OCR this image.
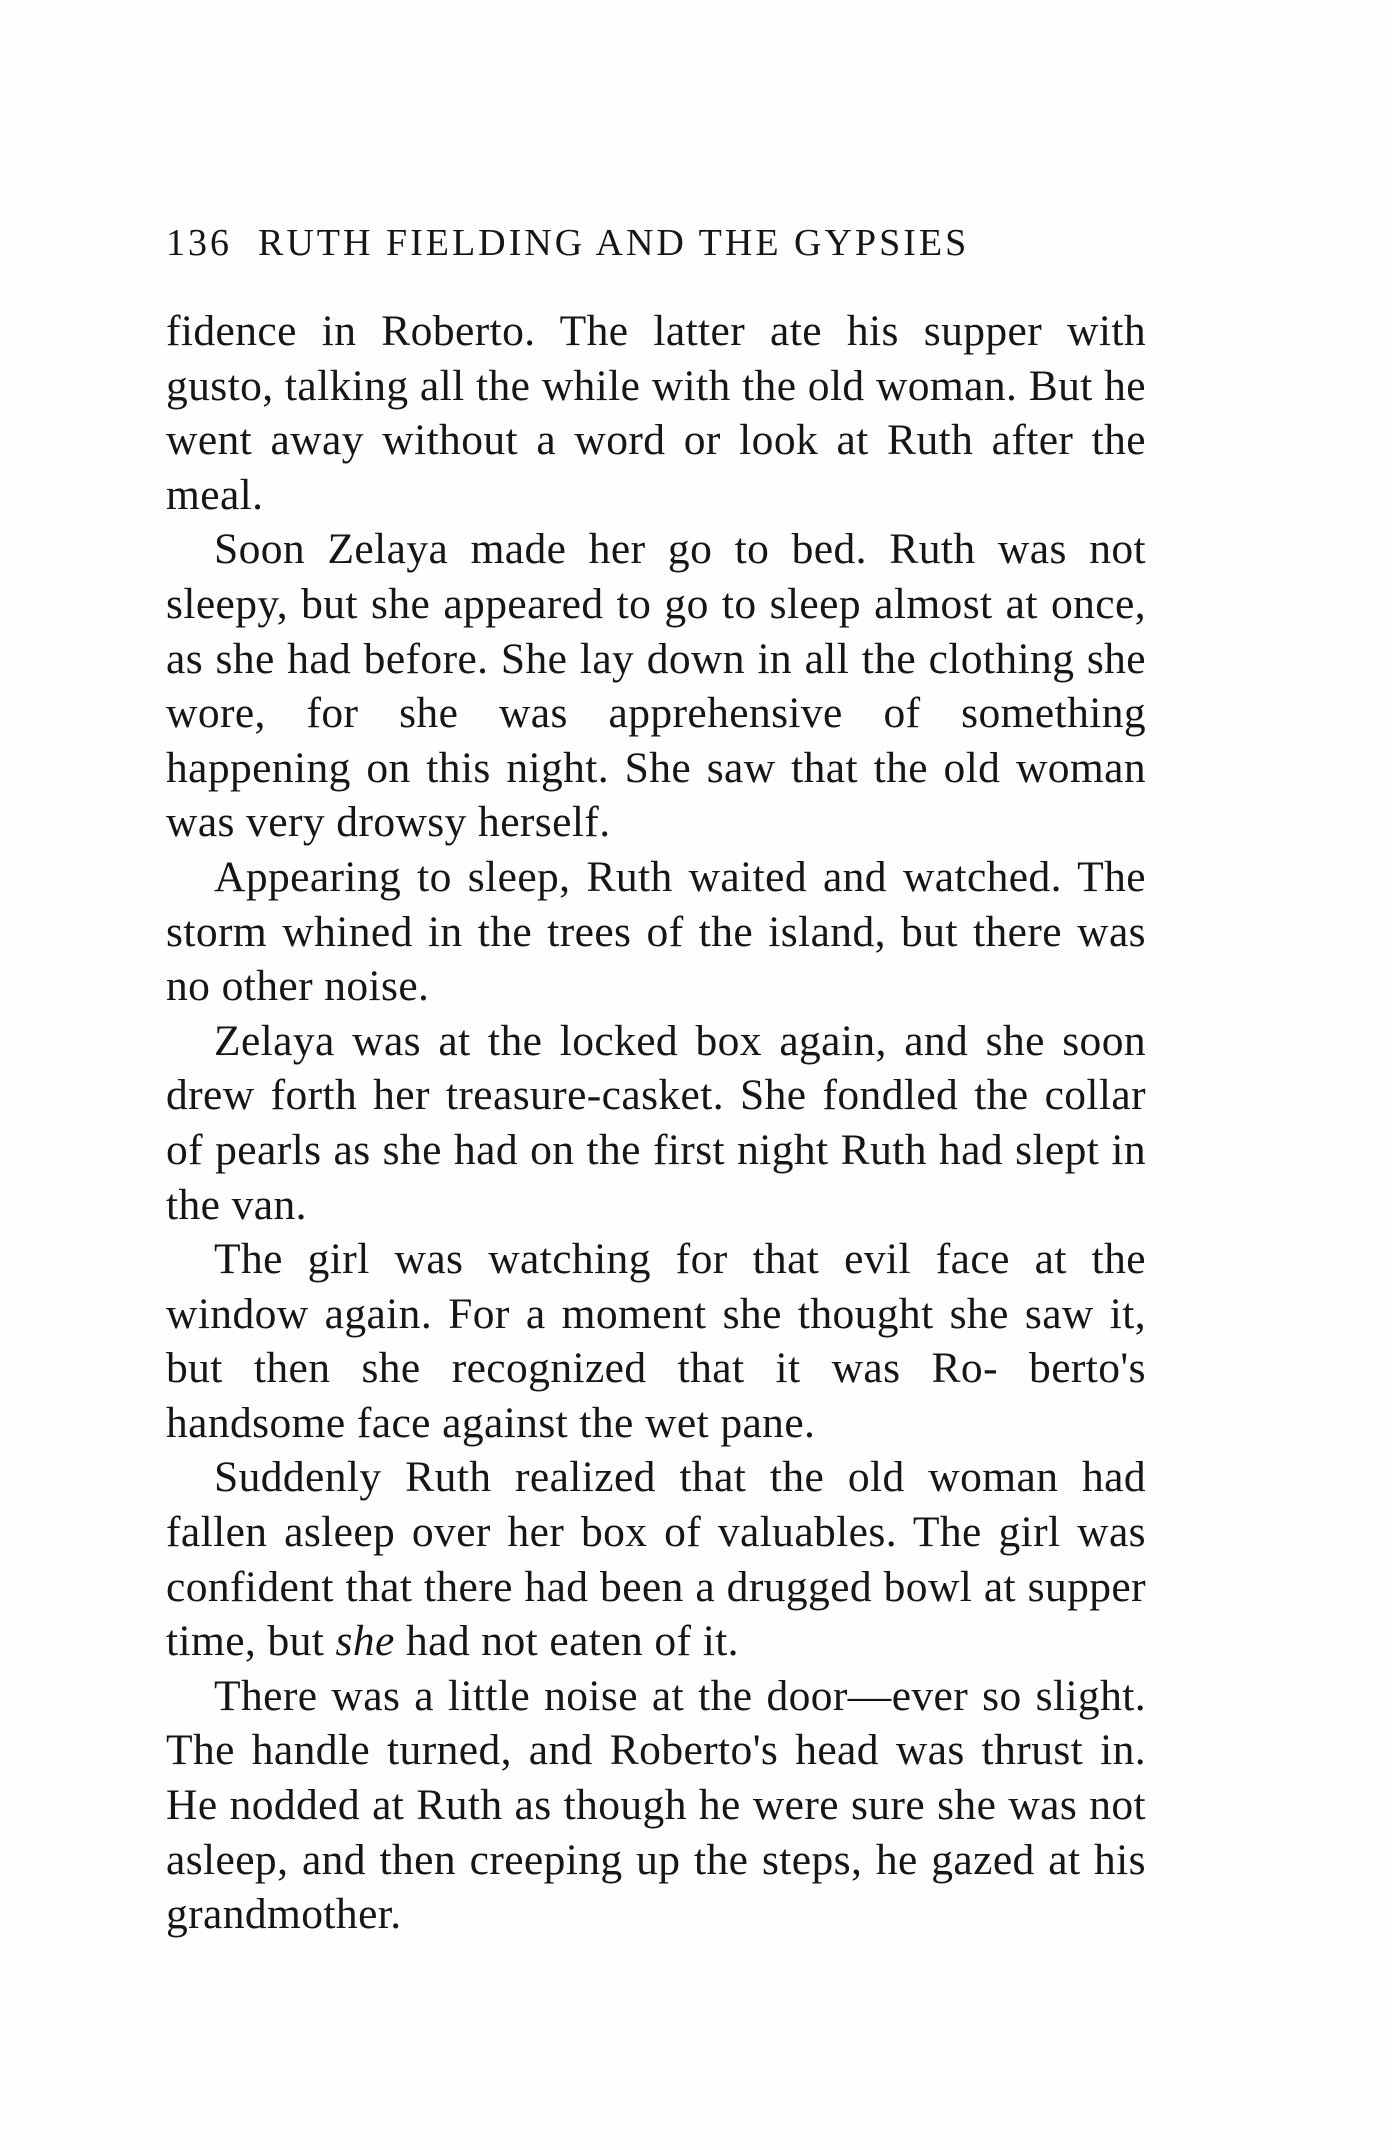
136 RUTH FIELDING AND THE GYPSIES

fidence in Roberto. The latter ate his supper with gusto, talking all the while with the old woman. But he went away without a word or look at Ruth after the meal.

Soon Zelaya made her go to bed. Ruth was not sleepy, but she appeared to go to sleep almost at once, as she had before. She lay down in all the clothing she wore, for she was apprehensive of something happening on this night. She saw that the old woman was very drowsy herself.

Appearing to sleep, Ruth waited and watched. The storm whined in the trees of the island, but there was no other noise.

Zelaya was at the locked box again, and she soon drew forth her treasure-casket. She fondled the collar of pearls as she had on the first night Ruth had slept in the van.

The girl was watching for that evil face at the window again. For a moment she thought she saw it, but then she recognized that it was Ro- berto's handsome face against the wet pane.

Suddenly Ruth realized that the old woman had fallen asleep over her box of valuables. The girl was confident that there had been a drugged bowl at supper time, but she had not eaten of it.

There was a little noise at the door—ever so slight. The handle turned, and Roberto's head was thrust in. He nodded at Ruth as though he were sure she was not asleep, and then creeping up the steps, he gazed at his grandmother.
